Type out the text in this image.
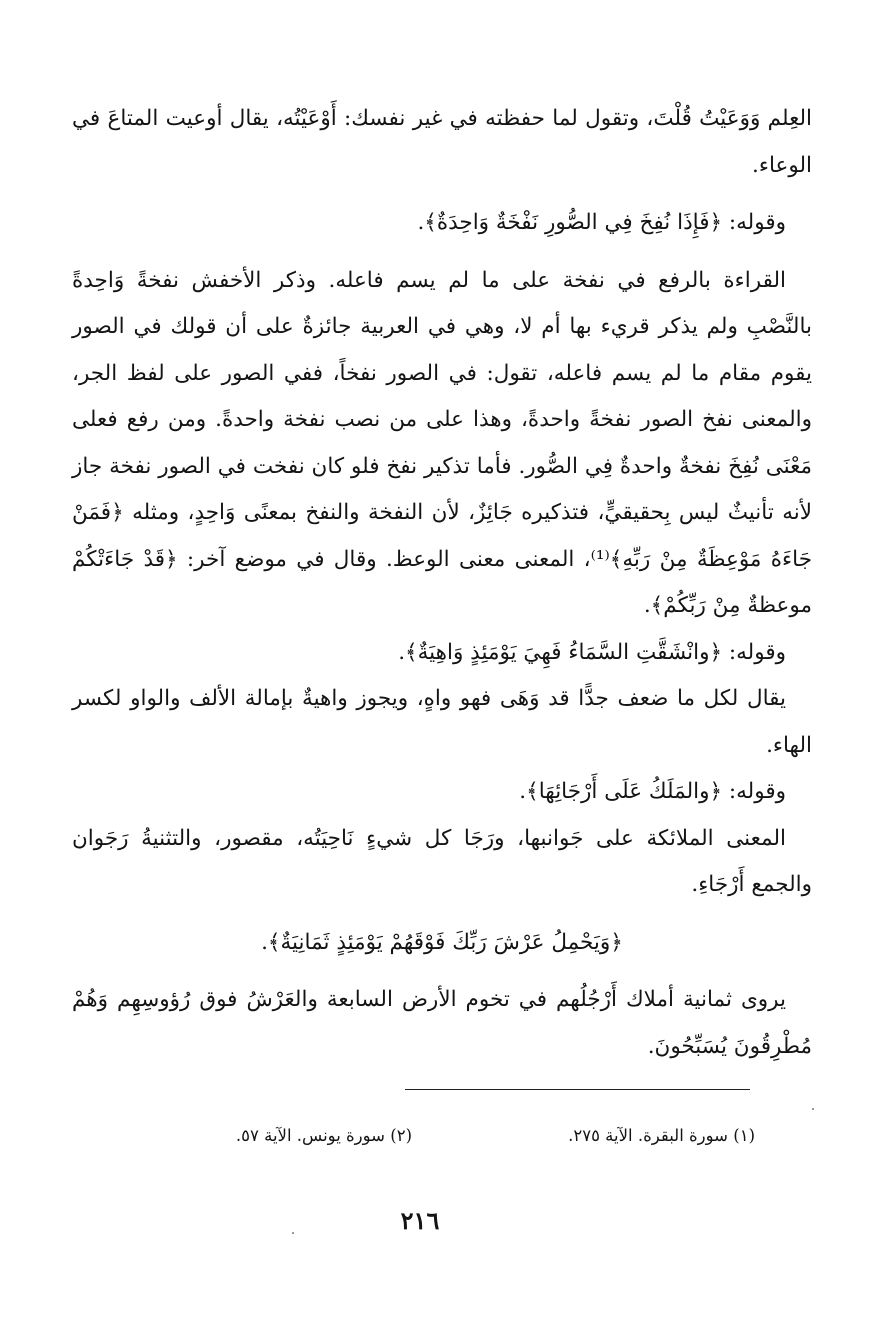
العِلم وَوَعَيْتُ قُلْتَ، وتقول لما حفظته في غير نفسك: أَوْعَيْتُه، يقال أوعيت المتاعَ في الوعاء.

وقوله: ﴿فَإِذَا نُفِخَ فِي الصُّورِ نَفْخَةٌ وَاحِدَةٌ﴾.

القراءة بالرفع في نفخة على ما لم يسم فاعله. وذكر الأخفش نفخةً وَاحِدةً بالنَّصْبِ ولم يذكر قريء بها أم لا، وهي في العربية جائزةٌ على أن قولك في الصور يقوم مقام ما لم يسم فاعله، تقول: في الصور نفخاً، ففي الصور على لفظ الجر، والمعنى نفخ الصور نفخةً واحدةً، وهذا على من نصب نفخة واحدةً. ومن رفع فعلى مَعْنَى نُفِخَ نفخةٌ واحدةٌ فِي الصُّور. فأما تذكير نفخ فلو كان نفخت في الصور نفخة جاز لأنه تأنيثٌ ليس بِحقيقيٍّ، فتذكيره جَائِزٌ، لأن النفخة والنفخ بمعنًى وَاحِدٍ، ومثله ﴿فَمَنْ جَاءَهُ مَوْعِظَةٌ مِنْ رَبِّهِ﴾⁽¹⁾، المعنى معنى الوعظ. وقال في موضع آخر: ﴿قَدْ جَاءَتْكُمْ موعظةٌ مِنْ رَبِّكُمْ﴾.

وقوله: ﴿وانْشَقَّتِ السَّمَاءُ فَهِيَ يَوْمَئِذٍ وَاهِيَةٌ﴾.

يقال لكل ما ضعف جدًّا قد وَهَى فهو واهٍ، ويجوز واهيةٌ بإمالة الألف والواو لكسر الهاء.

وقوله: ﴿والمَلَكُ عَلَى أَرْجَائِهَا﴾.

المعنى الملائكة على جَوانبها، ورَجَا كل شيءٍ نَاحِيَتُه، مقصور، والتثنيةُ رَجَوان والجمع أَرْجَاءِ.

﴿وَيَحْمِلُ عَرْشَ رَبِّكَ فَوْقَهُمْ يَوْمَئِذٍ ثَمَانِيَةٌ﴾.

يروى ثمانية أملاك أَرْجُلُهم في تخوم الأرض السابعة والعَرْشُ فوق رُؤوسِهِم وَهُمْ مُطْرِقُونَ يُسَبِّحُونَ.

(١) سورة البقرة. الآية ٢٧٥.
(٢) سورة يونس. الآية ٥٧.
٢١٦
